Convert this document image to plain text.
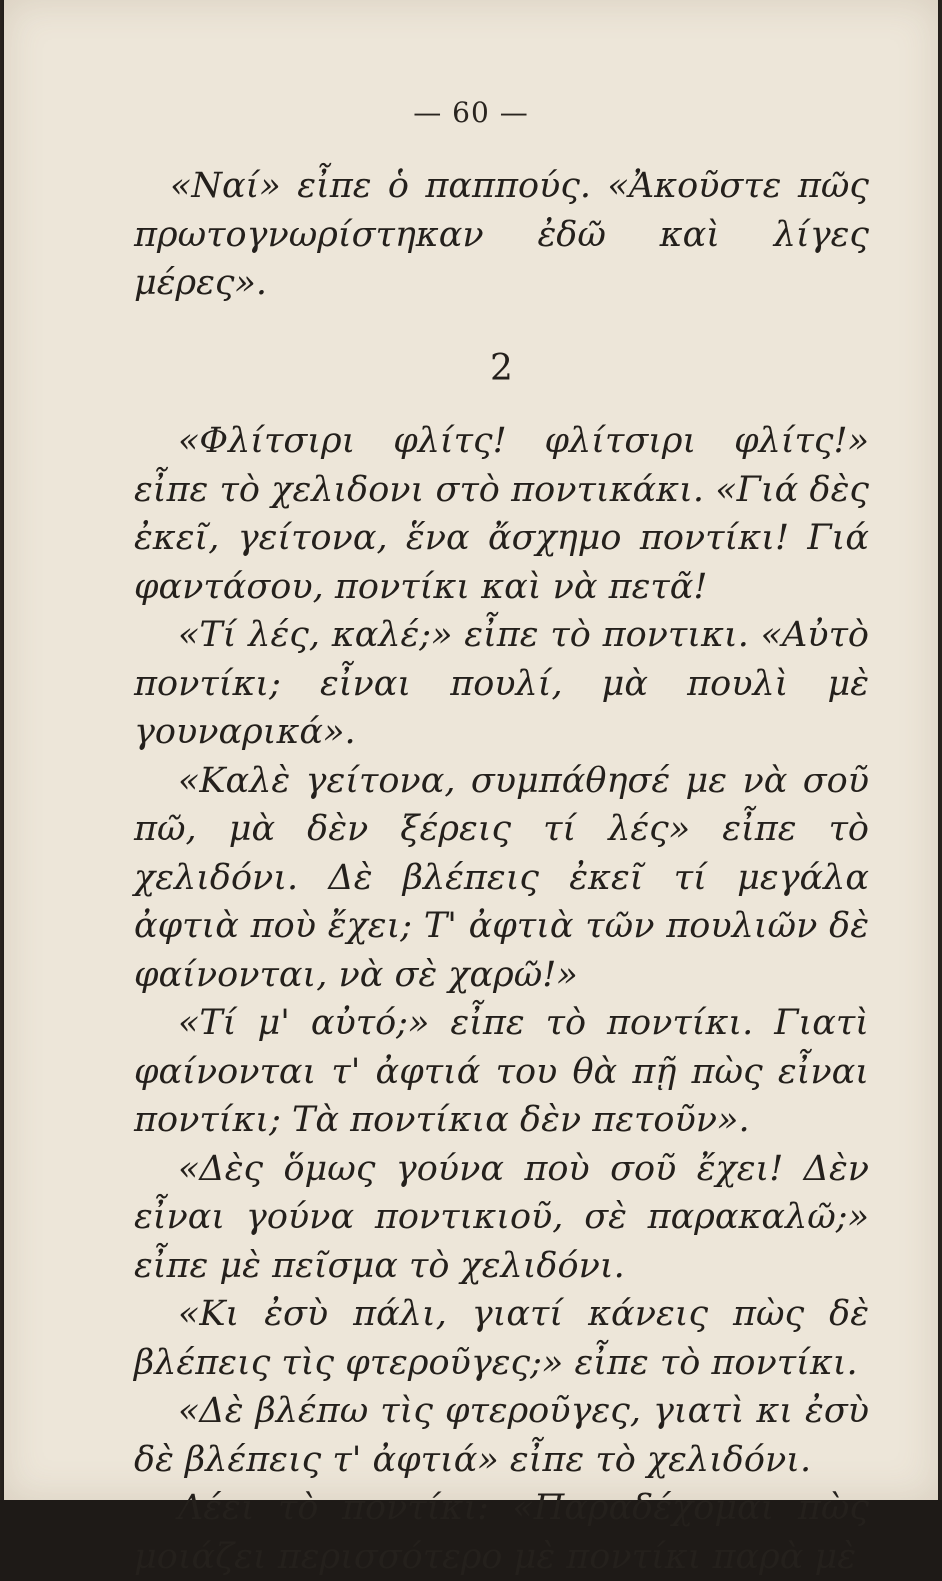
— 60 —

«Ναί» εἶπε ὁ παππούς. «Ἀκοῦστε πῶς πρωτογνωρίστηκαν ἐδῶ καὶ λίγες μέρες».

2

«Φλίτσιρι φλίτς! φλίτσιρι φλίτς!» εἶπε τὸ χελιδονι στὸ ποντικάκι. «Γιά δὲς ἐκεῖ, γείτονα, ἕνα ἄσχημο ποντίκι! Γιά φαντάσου, ποντίκι καὶ νὰ πετᾶ!

«Τί λές, καλέ;» εἶπε τὸ ποντικι. «Αὐτὸ ποντίκι; εἶναι πουλί, μὰ πουλὶ μὲ γουναρικά».

«Καλὲ γείτονα, συμπάθησέ με νὰ σοῦ πῶ, μὰ δὲν ξέρεις τί λές» εἶπε τὸ χελιδόνι. Δὲ βλέπεις ἐκεῖ τί μεγάλα ἀφτιὰ ποὺ ἔχει; Τ' ἀφτιὰ τῶν πουλιῶν δὲ φαίνονται, νὰ σὲ χαρῶ!»

«Τί μ' αὐτό;» εἶπε τὸ ποντίκι. Γιατὶ φαίνονται τ' ἀφτιά του θὰ πῇ πὼς εἶναι ποντίκι; Τὰ ποντίκια δὲν πετοῦν».

«Δὲς ὅμως γούνα ποὺ σοῦ ἔχει! Δὲν εἶναι γούνα ποντικιοῦ, σὲ παρακαλῶ;» εἶπε μὲ πεῖσμα τὸ χελιδόνι.

«Κι ἐσὺ πάλι, γιατί κάνεις πὼς δὲ βλέπεις τὶς φτεροῦγες;» εἶπε τὸ ποντίκι.

«Δὲ βλέπω τὶς φτεροῦγες, γιατὶ κι ἐσὺ δὲ βλέπεις τ' ἀφτιά» εἶπε τὸ χελιδόνι.

Λέει τὸ ποντίκι: «Παραδέχομαι πὼς μοιάζει περισσότερο μὲ ποντίκι παρὰ μὲ
